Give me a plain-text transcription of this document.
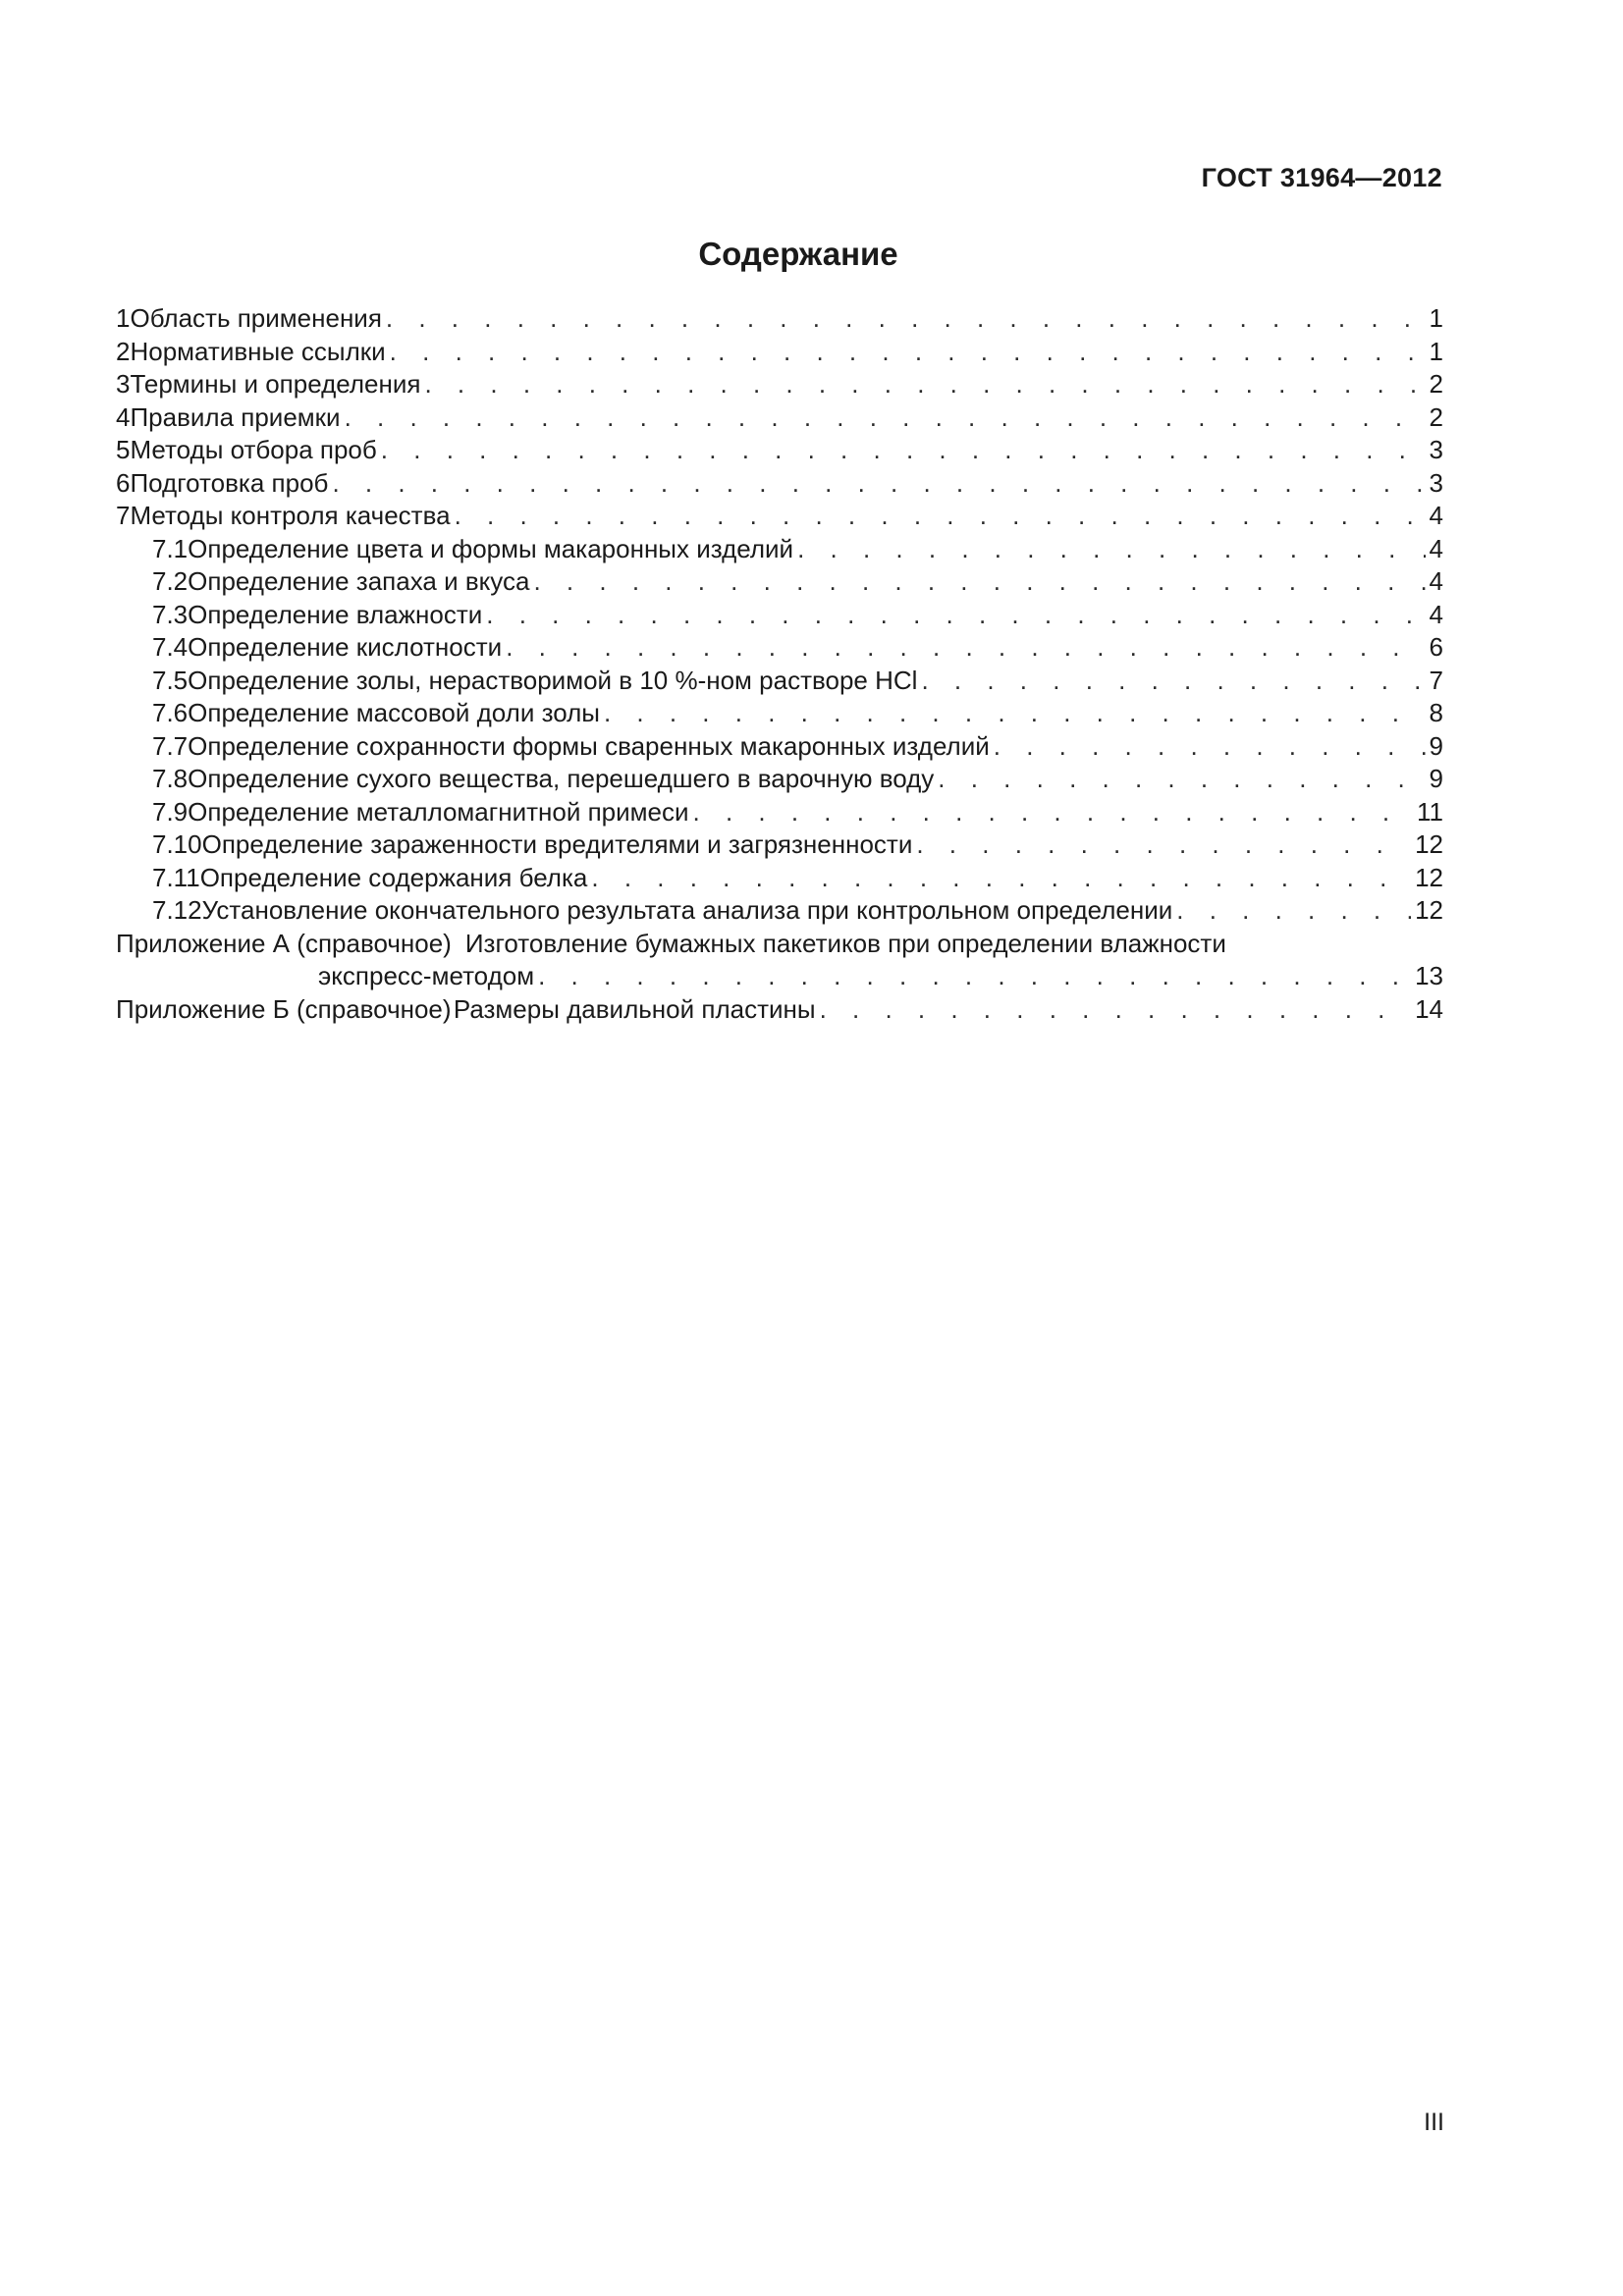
ГОСТ 31964—2012
Содержание
1 Область применения . . .	1
2 Нормативные ссылки . . .	1
3 Термины и определения . . .	2
4 Правила приемки . . .	2
5 Методы отбора проб . . .	3
6 Подготовка проб . . .	3
7 Методы контроля качества . . .	4
7.1 Определение цвета и формы макаронных изделий . . .	4
7.2 Определение запаха и вкуса . . .	4
7.3 Определение влажности . . .	4
7.4 Определение кислотности . . .	6
7.5 Определение золы, нерастворимой в 10 %-ном растворе HCl . . .	7
7.6 Определение массовой доли золы . . .	8
7.7 Определение сохранности формы сваренных макаронных изделий . . .	9
7.8 Определение сухого вещества, перешедшего в варочную воду . . .	9
7.9 Определение металломагнитной примеси . . .	11
7.10 Определение зараженности вредителями и загрязненности . . .	12
7.11 Определение содержания белка . . .	12
7.12 Установление окончательного результата анализа при контрольном определении . . .	12
Приложение А (справочное) Изготовление бумажных пакетиков при определении влажности
экспресс-методом . . .	13
Приложение Б (справочное) Размеры давильной пластины . . .	14
III
